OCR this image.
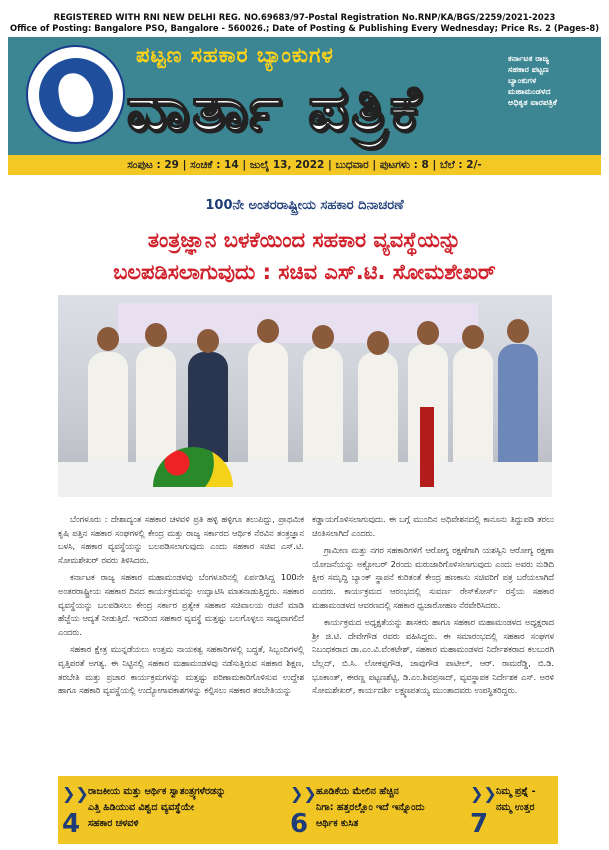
REGISTERED WITH RNI NEW DELHI REG. NO.69683/97-Postal Registration No.RNP/KA/BGS/2259/2021-2023
Office of Posting: Bangalore PSO, Bangalore - 560026.; Date of Posting & Publishing Every Wednesday; Price Rs. 2 (Pages-8)
ಪಟ್ಟಣ ಸಹಕಾರ ಬ್ಯಾಂಕುಗಳ
ವಾರ್ತಾ ಪತ್ರಿಕೆ
ಕರ್ನಾಟಕ ರಾಜ್ಯ
ಸಹಕಾರ ಪಟ್ಟಣ
ಬ್ಯಾಂಕುಗಳ
ಮಹಾಮಂಡಳದ
ಅಧಿಕೃತ ವಾರಪತ್ರಿಕೆ
ಸಂಪುಟ : 29 | ಸಂಚಿಕೆ : 14 | ಜುಲೈ 13, 2022 | ಬುಧವಾರ | ಪುಟಗಳು : 8 | ಬೆಲೆ : 2/-
100ನೇ ಅಂತರರಾಷ್ಟ್ರೀಯ ಸಹಕಾರ ದಿನಾಚರಣೆ
ತಂತ್ರಜ್ಞಾನ ಬಳಕೆಯಿಂದ ಸಹಕಾರ ವ್ಯವಸ್ಥೆಯನ್ನು
ಬಲಪಡಿಸಲಾಗುವುದು : ಸಚಿವ ಎಸ್.ಟಿ. ಸೋಮಶೇಖರ್

ಬೆಂಗಳೂರು : ದೇಶಾದ್ಯಂತ ಸಹಕಾರ ಚಳವಳಿ ಪ್ರತಿ ಹಳ್ಳಿ ಹಳ್ಳಿಗೂ ತಲುಪಿದ್ದು, ಪ್ರಾಥಮಿಕ ಕೃಷಿ ಪತ್ತಿನ ಸಹಕಾರ ಸಂಘಗಳಲ್ಲಿ ಕೇಂದ್ರ ಮತ್ತು ರಾಜ್ಯ ಸರ್ಕಾರದ ಆರ್ಥಿಕ ನೆರವಿನ ತಂತ್ರಜ್ಞಾನ ಬಳಸಿ, ಸಹಕಾರ ವ್ಯವಸ್ಥೆಯನ್ನು ಬಲಪಡಿಸಲಾಗುವುದು ಎಂದು ಸಹಕಾರ ಸಚಿವ ಎಸ್.ಟಿ. ಸೋಮಶೇಖರ್ ರವರು ತಿಳಿಸಿದರು.

ಕರ್ನಾಟಕ ರಾಜ್ಯ ಸಹಕಾರ ಮಹಾಮಂಡಳವು ಬೆಂಗಳೂರಿನಲ್ಲಿ ಏರ್ಪಡಿಸಿದ್ದ 100ನೇ ಅಂತರರಾಷ್ಟ್ರೀಯ ಸಹಕಾರ ದಿನದ ಕಾರ್ಯಕ್ರಮವನ್ನು ಉದ್ಘಾಟಿಸಿ ಮಾತನಾಡುತ್ತಿದ್ದರು. ಸಹಕಾರ ವ್ಯವಸ್ಥೆಯನ್ನು ಬಲಪಡಿಸಲು ಕೇಂದ್ರ ಸರ್ಕಾರ ಪ್ರತ್ಯೇಕ ಸಹಕಾರ ಸಚಿವಾಲಯ ರಚನೆ ಮಾಡಿ ಹೆಜ್ಜೆಯ ಆದ್ಯತೆ ನೀಡುತ್ತಿದೆ. ಇದರಿಂದ ಸಹಕಾರ ವ್ಯವಸ್ಥೆ ಮತ್ತಷ್ಟು ಬಲಗೊಳ್ಳಲು ಸಾಧ್ಯವಾಗಲಿದೆ ಎಂದರು.

ಸಹಕಾರ ಕ್ಷೇತ್ರ ಮುನ್ನಡೆಯಲು ಉತ್ತಮ ನಾಯಕತ್ವ ಸಹಕಾರಿಗಳಲ್ಲಿ ಬದ್ಧತೆ, ಸಿಬ್ಬಂದಿಗಳಲ್ಲಿ ವೃತ್ತಿಪರತೆ ಅಗತ್ಯ. ಈ ನಿಟ್ಟಿನಲ್ಲಿ ಸಹಕಾರ ಮಹಾಮಂಡಳವು ನಡೆಸುತ್ತಿರುವ ಸಹಕಾರ ಶಿಕ್ಷಣ, ತರಬೇತಿ ಮತ್ತು ಪ್ರಚಾರ ಕಾರ್ಯಕ್ರಮಗಳನ್ನು ಮತ್ತಷ್ಟು ಪರಿಣಾಮಕಾರಿಗೊಳಿಸುವ ಉದ್ದೇಶ ಹಾಗೂ ಸಹಕಾರಿ ವ್ಯವಸ್ಥೆಯಲ್ಲಿ ಉದ್ಯೋಗಾವಕಾಶಗಳನ್ನು ಕಲ್ಪಿಸಲು ಸಹಕಾರ ತರಬೇತಿಯನ್ನು

ಕಡ್ಡಾಯಗೊಳಿಸಲಾಗುವುದು. ಈ ಬಗ್ಗೆ ಮುಂದಿನ ಅಧಿವೇಶನದಲ್ಲಿ ಕಾನೂನು ತಿದ್ದುಪಡಿ ತರಲು ಚಿಂತಿಸಲಾಗಿದೆ ಎಂದರು.

ಗ್ರಾಮೀಣ ಮತ್ತು ನಗರ ಸಹಕಾರಿಗಳಿಗೆ ಆರೋಗ್ಯ ರಕ್ಷಣೆಗಾಗಿ ಯಶಸ್ವಿನಿ ಆರೋಗ್ಯ ರಕ್ಷಣಾ ಯೋಜನೆಯನ್ನು ಅಕ್ಟೋಬರ್ 2ರಂದು ಮರುಜಾರಿಗೊಳಿಸಲಾಗುವುದು ಎಂದು ಅವರು ನುಡಿದಿ ಕ್ಷೀರ ಸಮೃದ್ಧಿ ಬ್ಯಾಂಕ್ ಸ್ಥಾಪನೆ ಕುರಿತಂತೆ ಕೇಂದ್ರ ಹಣಕಾಸು ಸಚಿವರಿಗೆ ಪತ್ರ ಬರೆಯಲಾಗಿದೆ ಎಂದರು. ಕಾರ್ಯಕ್ರಮದ ಆರಂಭದಲ್ಲಿ ಸುವರ್ಣ ರೇಸ್‌ಕೋರ್ಸ್ ರಸ್ತೆಯ ಸಹಕಾರ ಮಹಾಮಂಡಳದ ಆವರಣದಲ್ಲಿ ಸಹಕಾರ ಧ್ವಜಾರೋಹಣ ನೆರವೇರಿಸಿದರು.

ಕಾರ್ಯಕ್ರಮದ ಅಧ್ಯಕ್ಷತೆಯನ್ನು ಶಾಸಕರು ಹಾಗೂ ಸಹಕಾರ ಮಹಾಮಂಡಳದ ಅಧ್ಯಕ್ಷರಾದ ಶ್ರೀ ಜಿ.ಟಿ. ದೇವೇಗೌಡ ರವರು ವಹಿಸಿದ್ದರು. ಈ ಸಮಾರಂಭದಲ್ಲಿ ಸಹಕಾರ ಸಂಘಗಳ ನಿಬಂಧಕರಾದ ಡಾ.ಎಂ.ವಿ.ವೆಂಕಟೇಶ್, ಸಹಕಾರ ಮಹಾಮಂಡಳದ ನಿರ್ದೇಶಕರಾದ ಕಲಬುರಗಿ ಬೆಲ್ಲದ್, ಬಿ.ಸಿ. ಲೋಕಪ್ಪಗೌಡ, ಜಾವುಗೌಡ ಪಾಟೀಲ್, ಆರ್. ರಾಮರೆಡ್ಡಿ, ಬಿ.ಡಿ. ಭೂಕಾಂತ್, ಈರಣ್ಣ ಪಟ್ಟಣಶೆಟ್ಟಿ, ಡಿ.ಎಂ.ಶಿವಪ್ರಸಾದ್, ವ್ಯವಸ್ಥಾಪಕ ನಿರ್ದೇಶಕ ಎಸ್. ಅರಳಿ ಸೋಮಶೇಖರ್, ಕಾರ್ಯದರ್ಶಿ ಲಕ್ಷ್ಮಣಪತಯ್ಯ ಮುಂತಾದವರು ಉಪಸ್ಥಿತರಿದ್ದರು.

❯❯
4
ರಾಜಕೀಯ ಮತ್ತು ಆರ್ಥಿಕ ಸ್ವಾತಂತ್ರ್ಯಗಳೆರಡನ್ನು
ಎತ್ತಿ ಹಿಡಿಯುವ ವಿಶ್ವದ ವ್ಯವಸ್ಥೆಯೇ
ಸಹಕಾರ ಚಳವಳಿ
❯❯
6
ಹೂಡಿಕೆಯ ಮೇಲಿನ ಹೆಚ್ಚಿನ
ನಿಗಾ: ಹತ್ತರಲ್ಲೆೊಂ ಇದೆ ಇನ್ನೊಂದು
ಆರ್ಥಿಕ ಕುಸಿತ
❯❯
7
ನಿಮ್ಮ ಪ್ರಶ್ನೆ -
ನಮ್ಮ ಉತ್ತರ
